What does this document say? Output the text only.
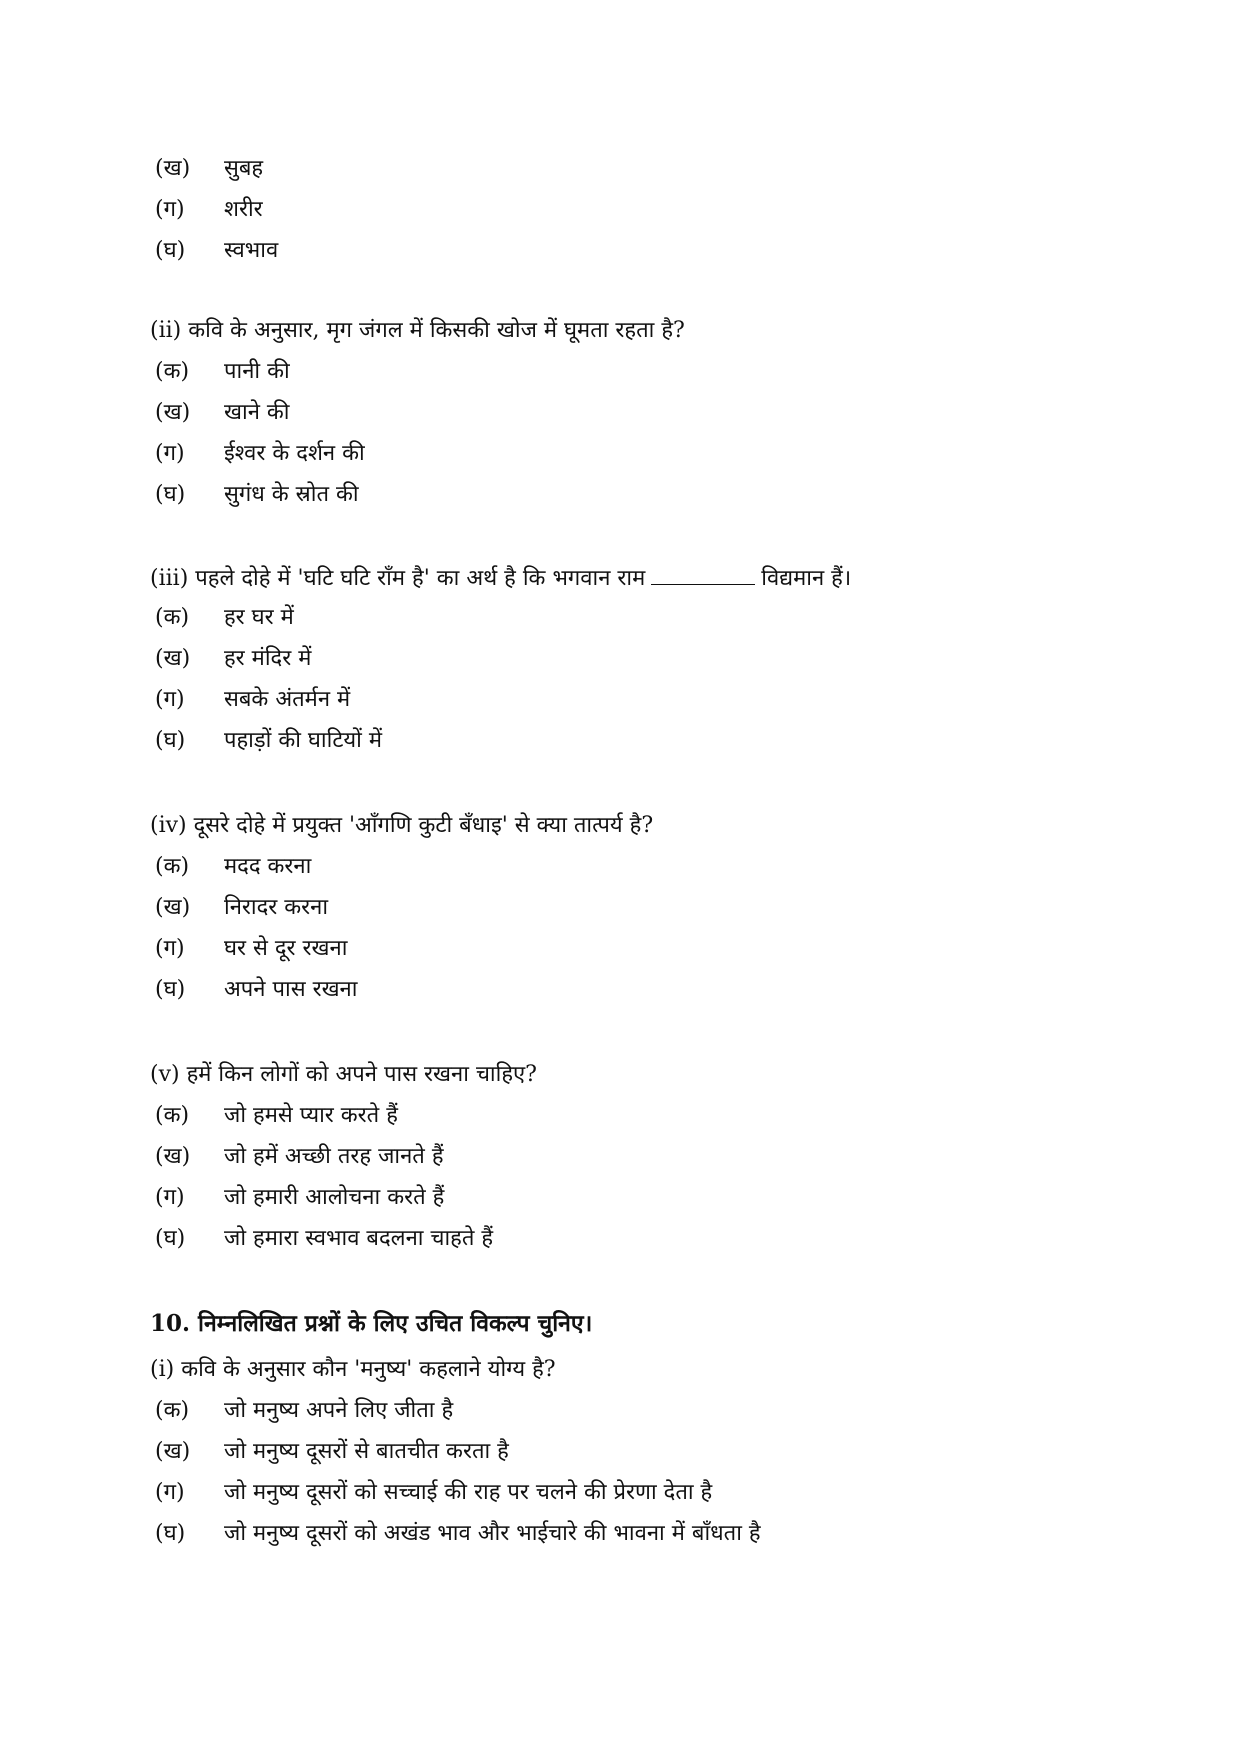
(ख) सुबह
(ग) शरीर
(घ) स्वभाव
(ii) कवि के अनुसार, मृग जंगल में किसकी खोज में घूमता रहता है?
(क) पानी की
(ख) खाने की
(ग) ईश्वर के दर्शन की
(घ) सुगंध के स्रोत की
(iii) पहले दोहे में 'घटि घटि राँम है' का अर्थ है कि भगवान राम	विद्यमान हैं।
(क) हर घर में
(ख) हर मंदिर में
(ग) सबके अंतर्मन में
(घ) पहाड़ों की घाटियों में
(iv) दूसरे दोहे में प्रयुक्त 'आँगणि कुटी बँधाइ' से क्या तात्पर्य है?
(क) मदद करना
(ख) निरादर करना
(ग) घर से दूर रखना
(घ) अपने पास रखना
(v) हमें किन लोगों को अपने पास रखना चाहिए?
(क) जो हमसे प्यार करते हैं
(ख) जो हमें अच्छी तरह जानते हैं
(ग) जो हमारी आलोचना करते हैं
(घ) जो हमारा स्वभाव बदलना चाहते हैं
10. निम्नलिखित प्रश्नों के लिए उचित विकल्प चुनिए।
(i) कवि के अनुसार कौन 'मनुष्य' कहलाने योग्य है?
(क) जो मनुष्य अपने लिए जीता है
(ख) जो मनुष्य दूसरों से बातचीत करता है
(ग) जो मनुष्य दूसरों को सच्चाई की राह पर चलने की प्रेरणा देता है
(घ) जो मनुष्य दूसरों को अखंड भाव और भाईचारे की भावना में बाँधता है
